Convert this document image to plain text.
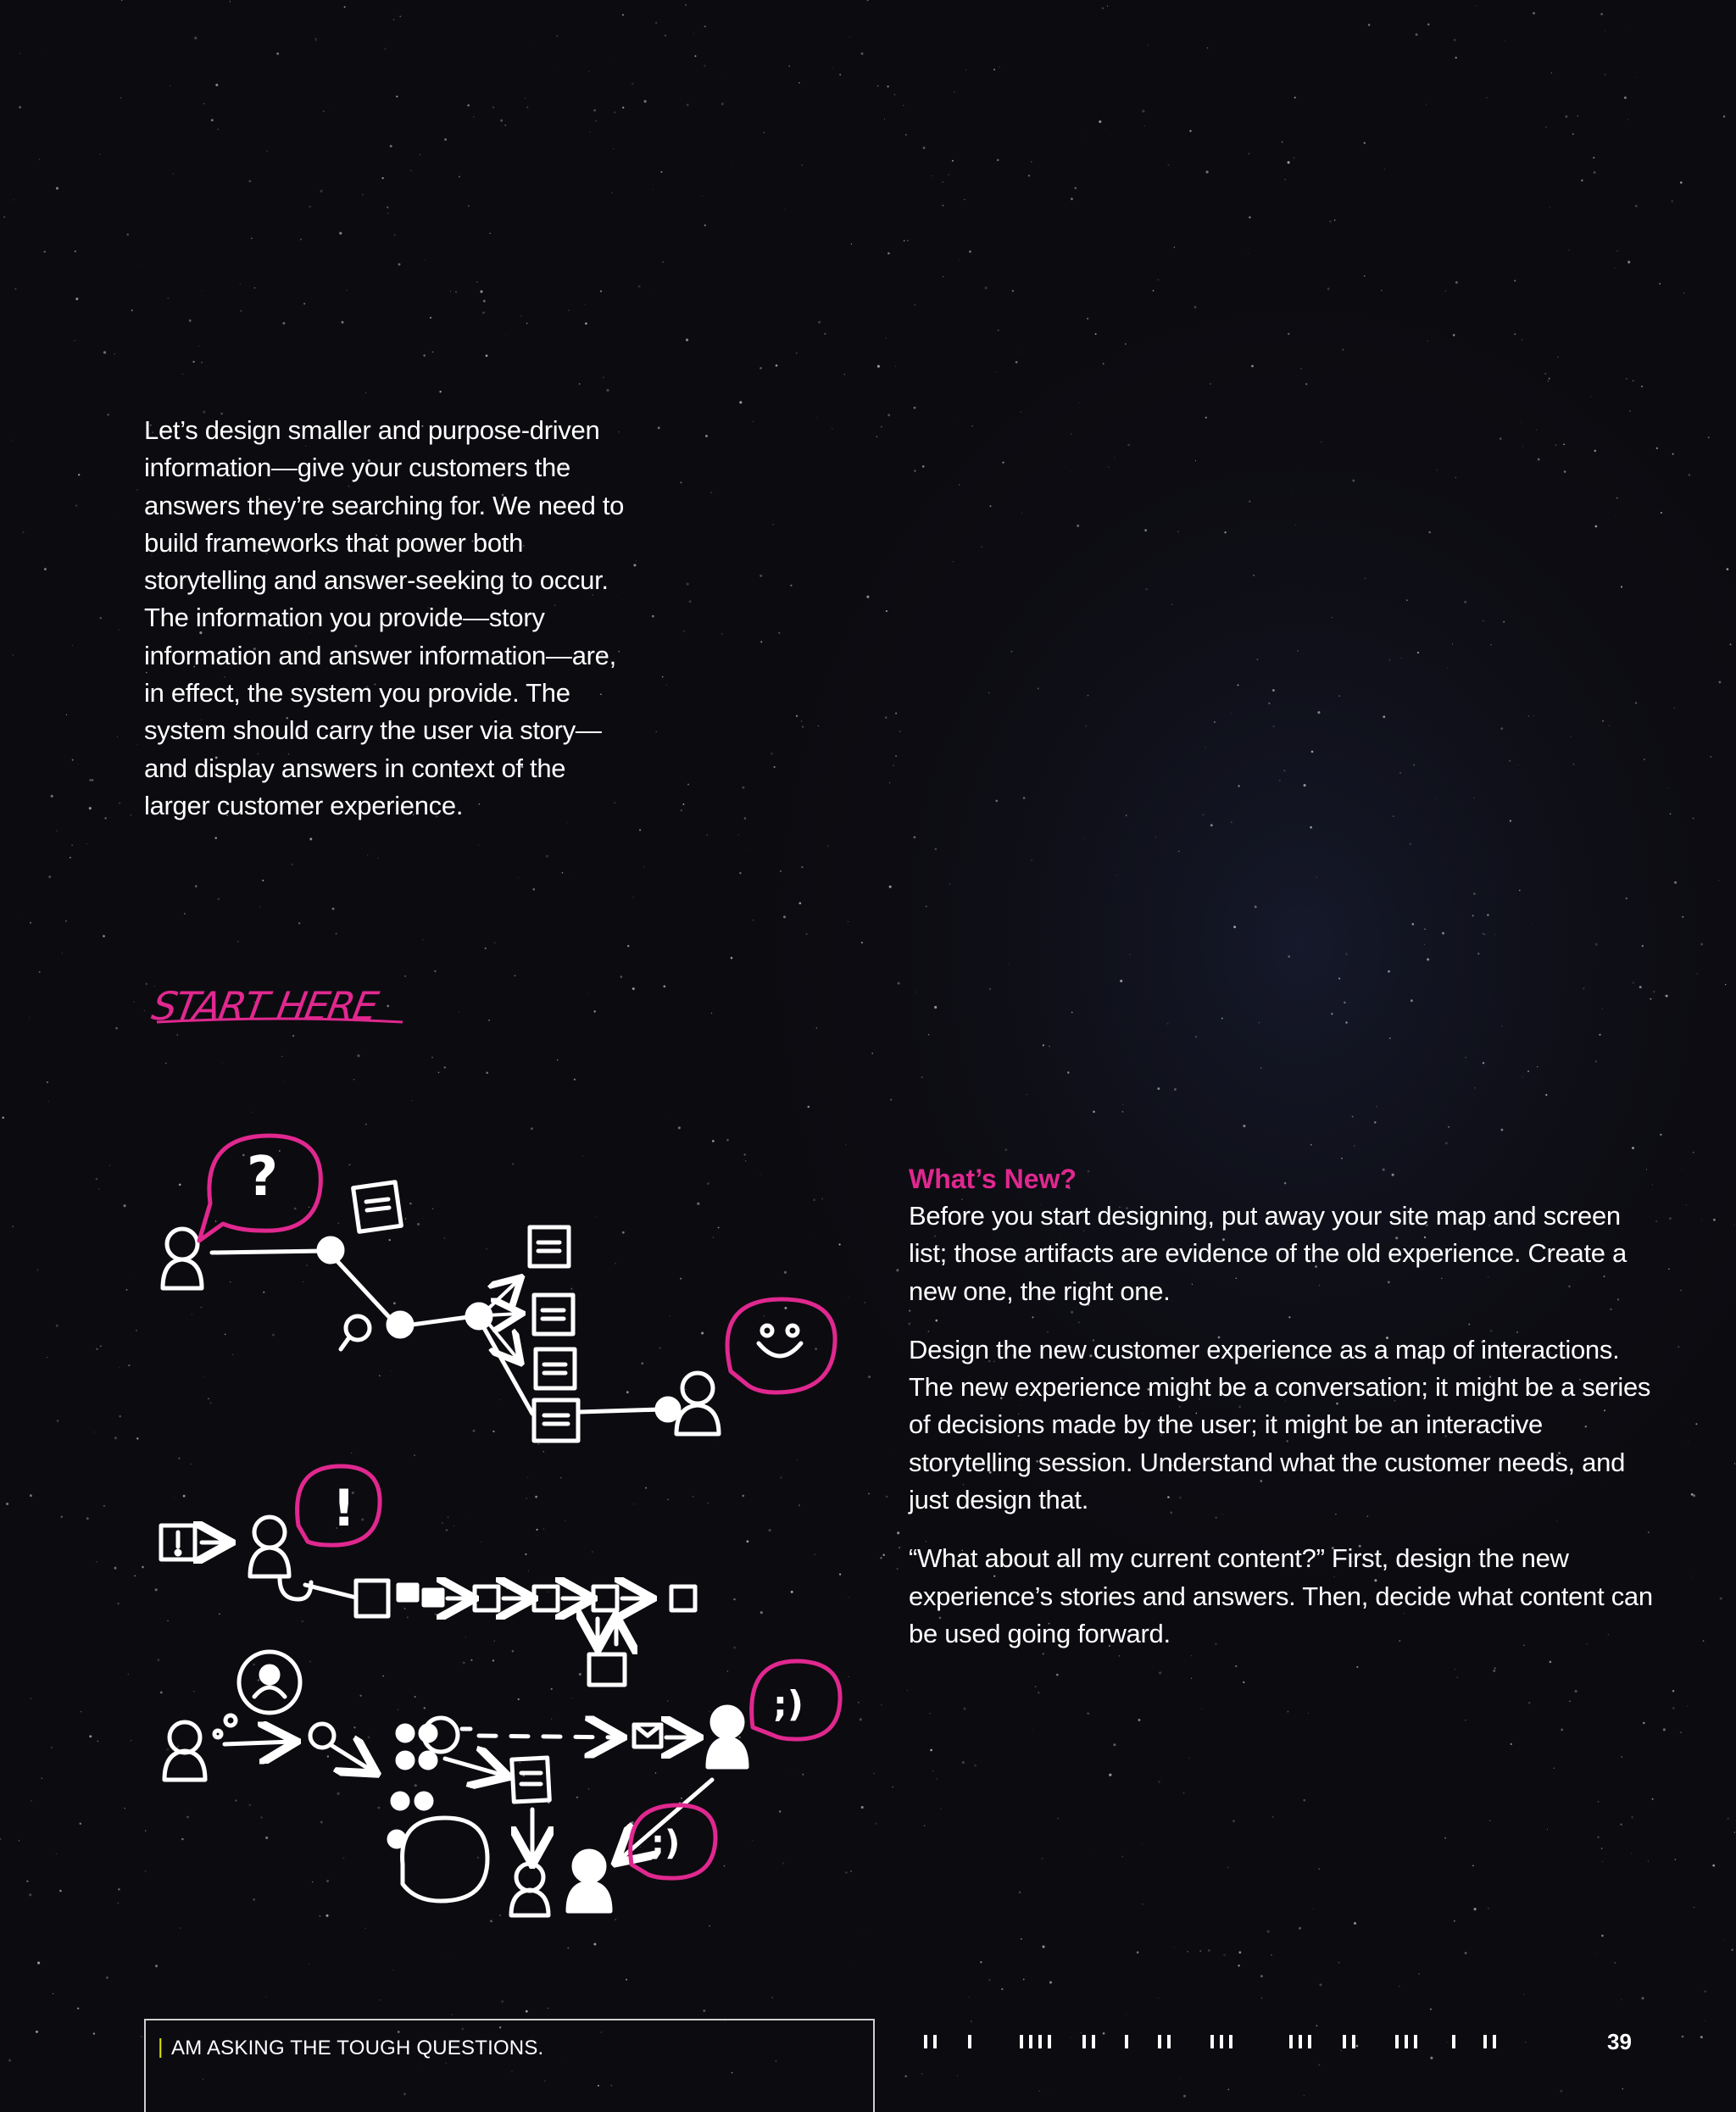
Let’s design smaller and purpose-driven information—give your customers the answers they’re searching for. We need to build frameworks that power both storytelling and answer-seeking to occur. The information you provide—story information and answer information—are, in effect, the system you provide. The system should carry the user via story—and display answers in context of the larger customer experience.

START HERE
?
!
;)
;)
What’s New?

Before you start designing, put away your site map and screen list; those artifacts are evidence of the old experience. Create a new one, the right one.

Design the new customer experience as a map of interactions. The new experience might be a conversation; it might be a series of decisions made by the user; it might be an interactive storytelling session. Understand what the customer needs, and just design that.

“What about all my current content?” First, design the new experience’s stories and answers. Then, decide what content can be used going forward.

| AM ASKING THE TOUGH QUESTIONS.	39
